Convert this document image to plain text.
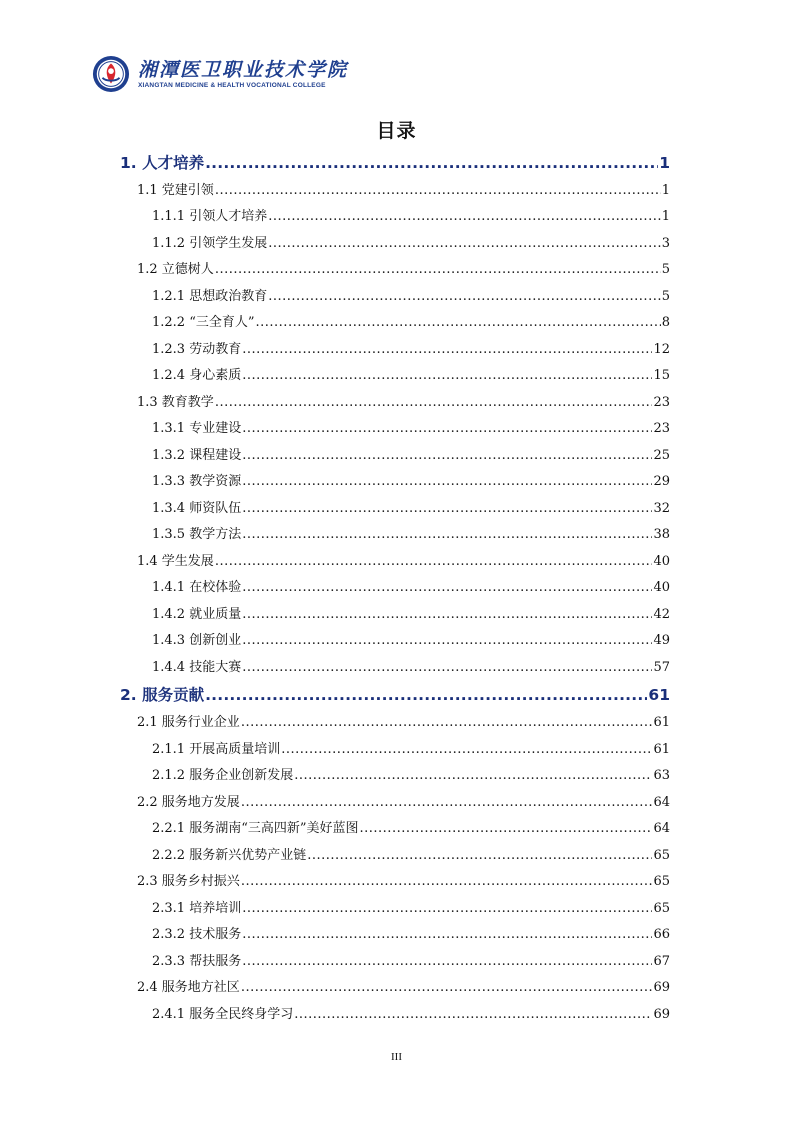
湘潭医卫职业技术学院
XIANGTAN MEDICINE & HEALTH VOCATIONAL COLLEGE
目录
1. 人才培养 .....	1
1.1 党建引领 .....	1
1.1.1 引领人才培养 .....	1
1.1.2 引领学生发展 .....	3
1.2 立德树人 .....	5
1.2.1 思想政治教育 .....	5
1.2.2 “三全育人” .....	8
1.2.3 劳动教育 .....	12
1.2.4 身心素质 .....	15
1.3 教育教学 .....	23
1.3.1 专业建设 .....	23
1.3.2 课程建设 .....	25
1.3.3 教学资源 .....	29
1.3.4 师资队伍 .....	32
1.3.5 教学方法 .....	38
1.4 学生发展 .....	40
1.4.1 在校体验 .....	40
1.4.2 就业质量 .....	42
1.4.3 创新创业 .....	49
1.4.4 技能大赛 .....	57
2. 服务贡献 .....	61
2.1 服务行业企业 .....	61
2.1.1 开展高质量培训 .....	61
2.1.2 服务企业创新发展 .....	63
2.2 服务地方发展 .....	64
2.2.1 服务湖南“三高四新”美好蓝图 .....	64
2.2.2 服务新兴优势产业链 .....	65
2.3 服务乡村振兴 .....	65
2.3.1 培养培训 .....	65
2.3.2 技术服务 .....	66
2.3.3 帮扶服务 .....	67
2.4 服务地方社区 .....	69
2.4.1 服务全民终身学习 .....	69
III
